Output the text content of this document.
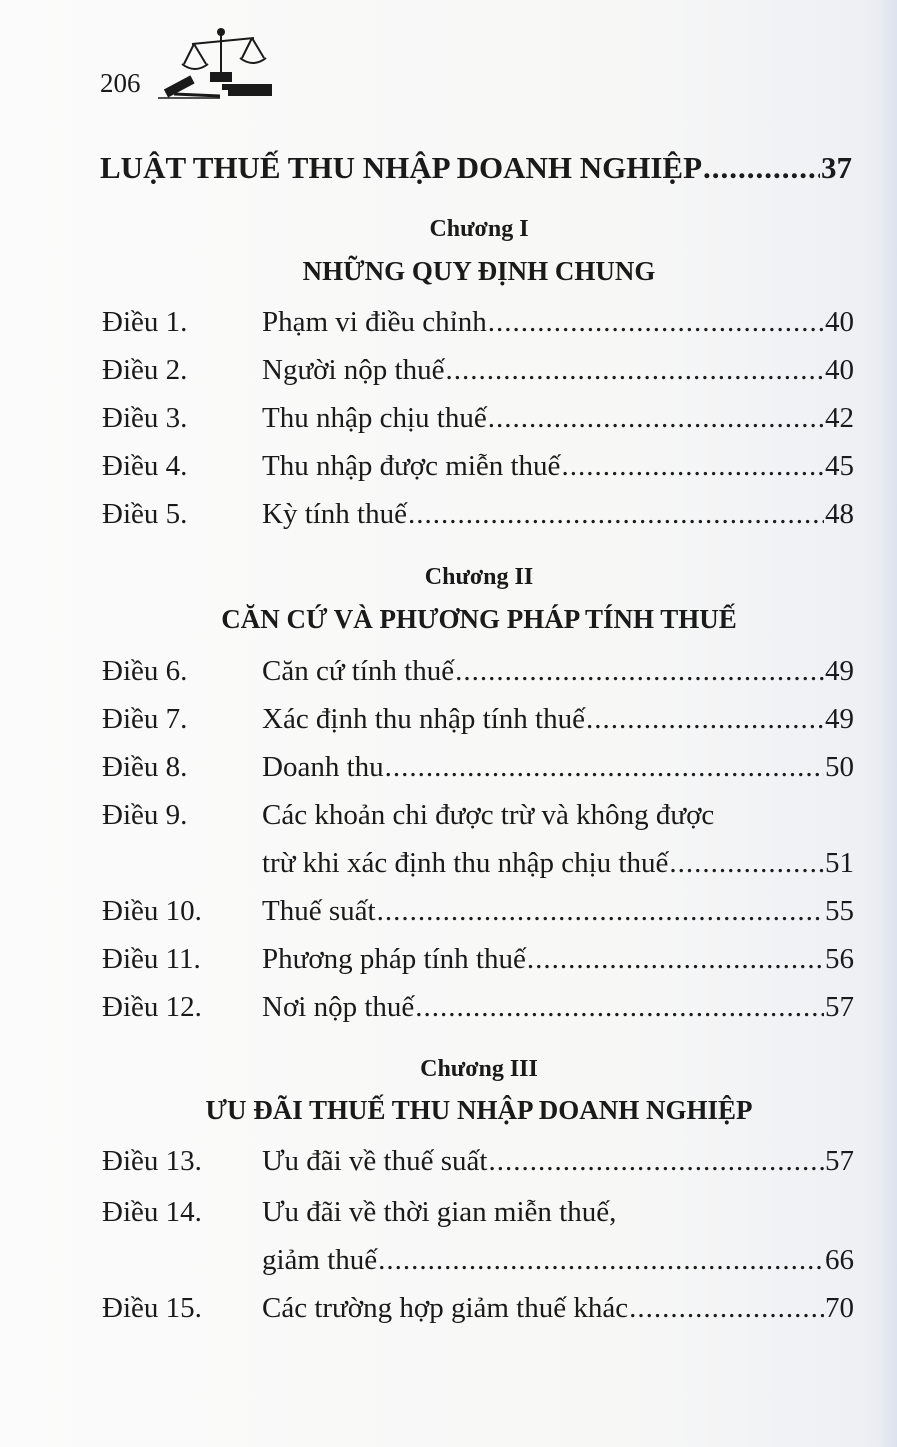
206
LUẬT THUẾ THU NHẬP DOANH NGHIỆP .....	37
Chương I
NHỮNG QUY ĐỊNH CHUNG
Điều 1.	Phạm vi điều chỉnh .....	40
Điều 2.	Người nộp thuế .....	40
Điều 3.	Thu nhập chịu thuế .....	42
Điều 4.	Thu nhập được miễn thuế .....	45
Điều 5.	Kỳ tính thuế .....	48
Chương II
CĂN CỨ VÀ PHƯƠNG PHÁP TÍNH THUẾ
Điều 6.	Căn cứ tính thuế .....	49
Điều 7.	Xác định thu nhập tính thuế .....	49
Điều 8.	Doanh thu .....	50
Điều 9.	Các khoản chi được trừ và không được
trừ khi xác định thu nhập chịu thuế .....	51
Điều 10. Thuế suất .....	55
Điều 11. Phương pháp tính thuế .....	56
Điều 12. Nơi nộp thuế .....	57
Chương III
ƯU ĐÃI THUẾ THU NHẬP DOANH NGHIỆP
Điều 13. Ưu đãi về thuế suất .....	57
Điều 14. Ưu đãi về thời gian miễn thuế,
giảm thuế .....	66
Điều 15. Các trường hợp giảm thuế khác .....	70
